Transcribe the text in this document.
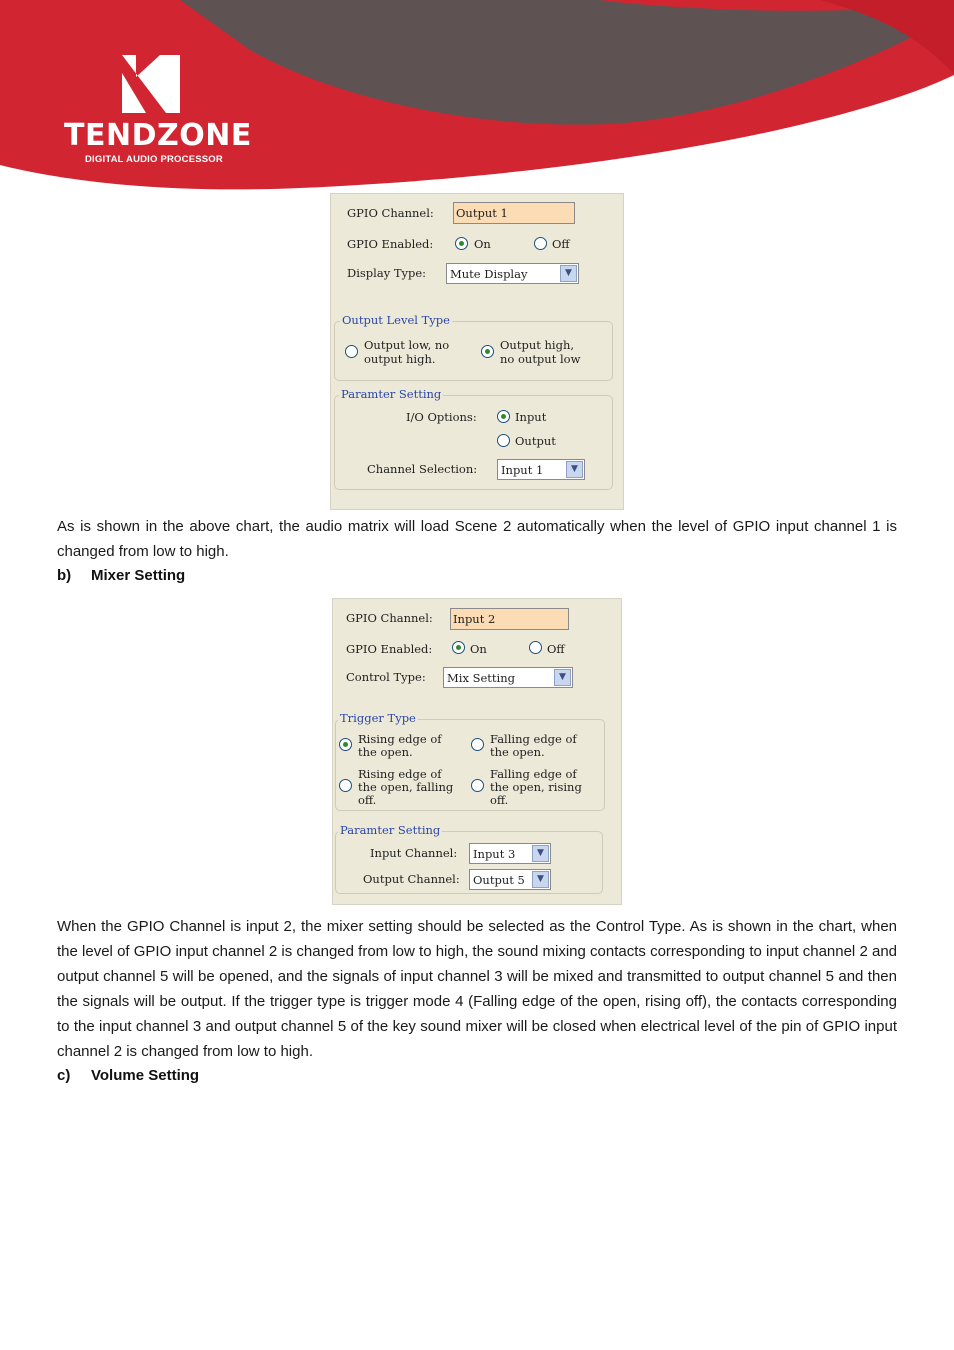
TENDZONE
DIGITAL AUDIO PROCESSOR
GPIO Channel: Output 1
GPIO Enabled:	On	Off
Display Type: Mute Display	▼
Output Level Type
Output low, no
output high.
Output high,
no output low
Paramter Setting
I/O Options:	Input
Output
Channel Selection: Input 1	▼
As is shown in the above chart, the audio matrix will load Scene 2 automatically when the level of GPIO input channel 1 is changed from low to high.
b) Mixer Setting
GPIO Channel: Input 2
GPIO Enabled:	On	Off
Control Type: Mix Setting	▼
Trigger Type
Rising edge of
the open.
Falling edge of
the open.
Rising edge of
the open, falling
off.
Falling edge of
the open, rising
off.
Paramter Setting
Input Channel: Input 3	▼
Output Channel: Output 5	▼
When the GPIO Channel is input 2, the mixer setting should be selected as the Control Type. As is shown in the chart, when the level of GPIO input channel 2 is changed from low to high, the sound mixing contacts corresponding to input channel 2 and output channel 5 will be opened, and the signals of input channel 3 will be mixed and transmitted to output channel 5 and then the signals will be output. If the trigger type is trigger mode 4 (Falling edge of the open, rising off), the contacts corresponding to the input channel 3 and output channel 5 of the key sound mixer will be closed when electrical level of the pin of GPIO input channel 2 is changed from low to high.
c) Volume Setting
